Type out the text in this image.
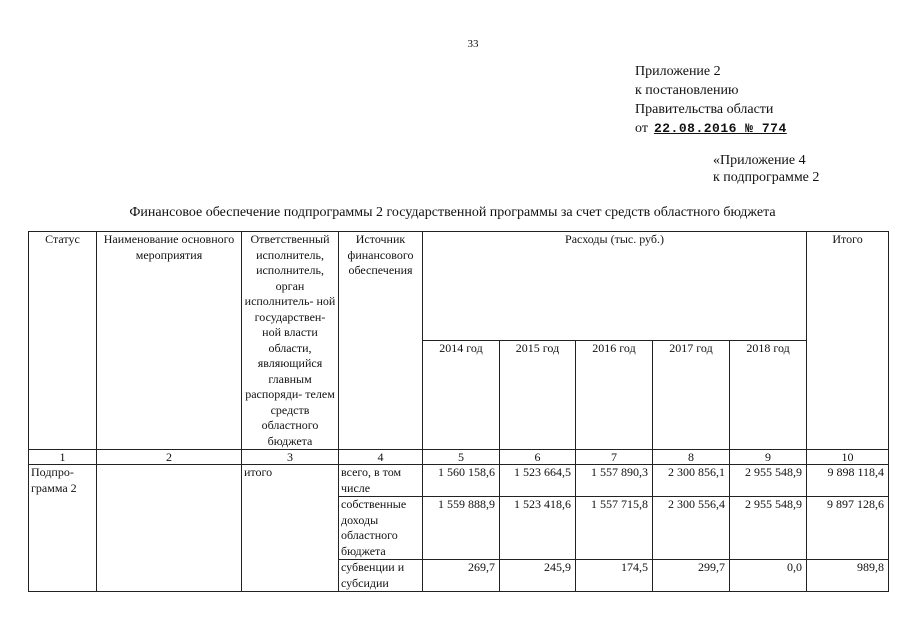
33
Приложение 2
к постановлению
Правительства области
от 22.08.2016 № 774
«Приложение 4
к подпрограмме 2
Финансовое обеспечение подпрограммы 2 государственной программы за счет средств областного бюджета
Статус	Наименование основного мероприятия	Ответственный исполнитель, исполнитель, орган исполнитель- ной государствен- ной власти области, являющийся главным распоряди- телем средств областного бюджета	Источник финансового обеспечения	Расходы (тыс. руб.)					Итого
				2014 год	2015 год	2016 год	2017 год	2018 год	
1	2	3	4	5	6	7	8	9	10
Подпро- грамма 2		итого	всего, в том числе	1 560 158,6	1 523 664,5	1 557 890,3	2 300 856,1	2 955 548,9	9 898 118,4
			собственные доходы областного бюджета	1 559 888,9	1 523 418,6	1 557 715,8	2 300 556,4	2 955 548,9	9 897 128,6
			субвенции и субсидии	269,7	245,9	174,5	299,7	0,0	989,8
